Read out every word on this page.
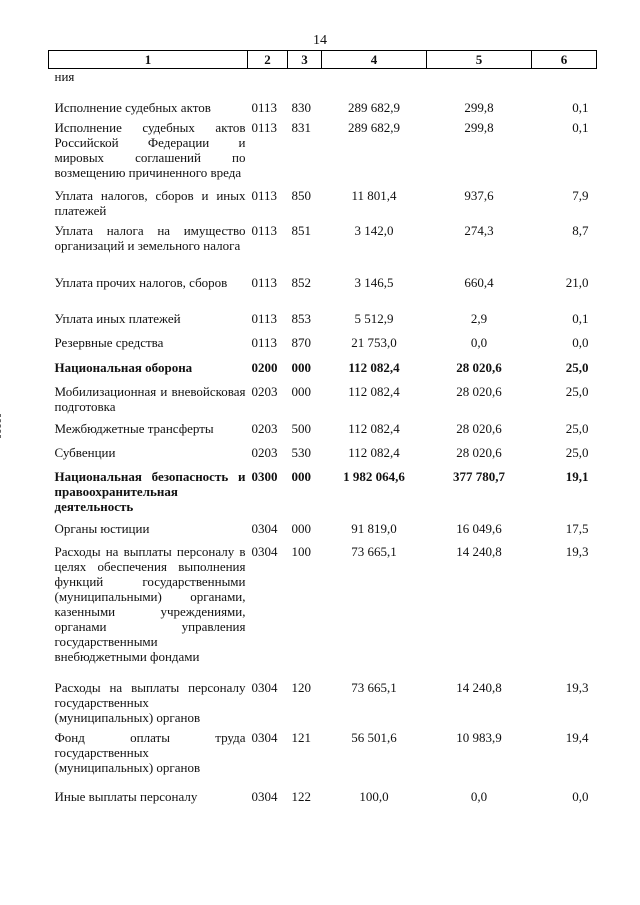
14
1	2	3	4	5	6
ния					
Исполнение судебных актов	0113	830	289 682,9	299,8	0,1
Исполнение судебных актов Российской Федерации и мировых соглашений по возмещению причиненного вреда	0113	831	289 682,9	299,8	0,1
Уплата налогов, сборов и иных платежей	0113	850	11 801,4	937,6	7,9
Уплата налога на имущество организаций и земельного налога	0113	851	3 142,0	274,3	8,7
Уплата прочих налогов, сборов	0113	852	3 146,5	660,4	21,0
Уплата иных платежей	0113	853	5 512,9	2,9	0,1
Резервные средства	0113	870	21 753,0	0,0	0,0
Национальная оборона	0200	000	112 082,4	28 020,6	25,0
Мобилизационная и вневойсковая подготовка	0203	000	112 082,4	28 020,6	25,0
Межбюджетные трансферты	0203	500	112 082,4	28 020,6	25,0
Субвенции	0203	530	112 082,4	28 020,6	25,0
Национальная безопасность и правоохранительная деятельность	0300	000	1 982 064,6	377 780,7	19,1
Органы юстиции	0304	000	91 819,0	16 049,6	17,5
Расходы на выплаты персоналу в целях обеспечения выполнения функций государственными (муниципальными) органами, казенными учреждениями, органами управления государственными внебюджетными фондами	0304	100	73 665,1	14 240,8	19,3
Расходы на выплаты персоналу государственных (муниципальных) органов	0304	120	73 665,1	14 240,8	19,3
Фонд оплаты труда государственных (муниципальных) органов	0304	121	56 501,6	10 983,9	19,4
Иные выплаты персоналу	0304	122	100,0	0,0	0,0
